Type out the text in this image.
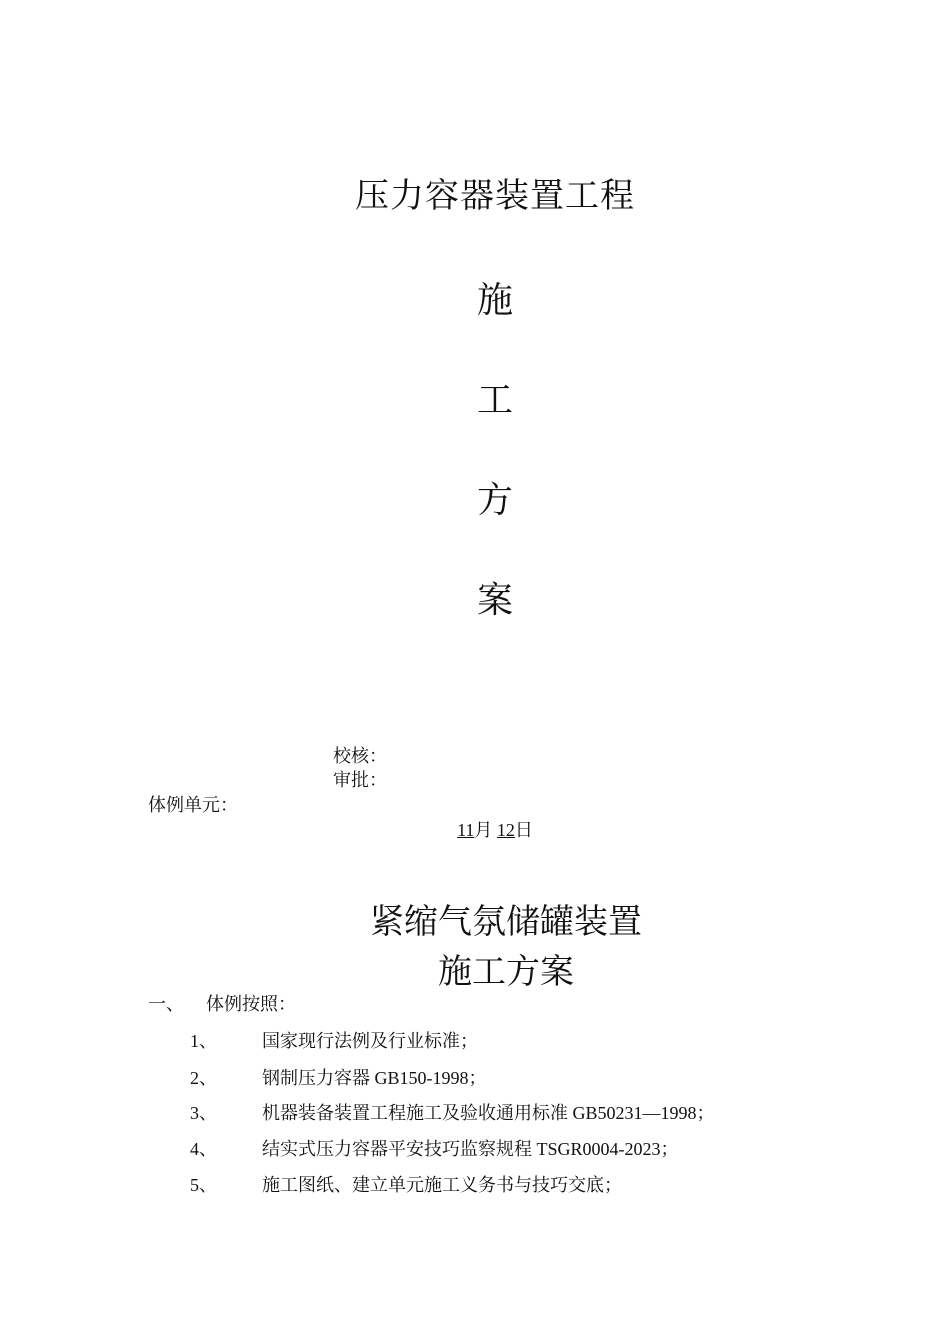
压力容器装置工程
施
工
方
案
校核：
审批：
体例单元：
11月 12日
紧缩气氛储罐装置
施工方案
一、 体例按照：
1、	国家现行法例及行业标准；
2、	钢制压力容器 GB150-1998；
3、	机器装备装置工程施工及验收通用标准 GB50231—1998；
4、	结实式压力容器平安技巧监察规程 TSGR0004-2023；
5、	施工图纸、建立单元施工义务书与技巧交底；
